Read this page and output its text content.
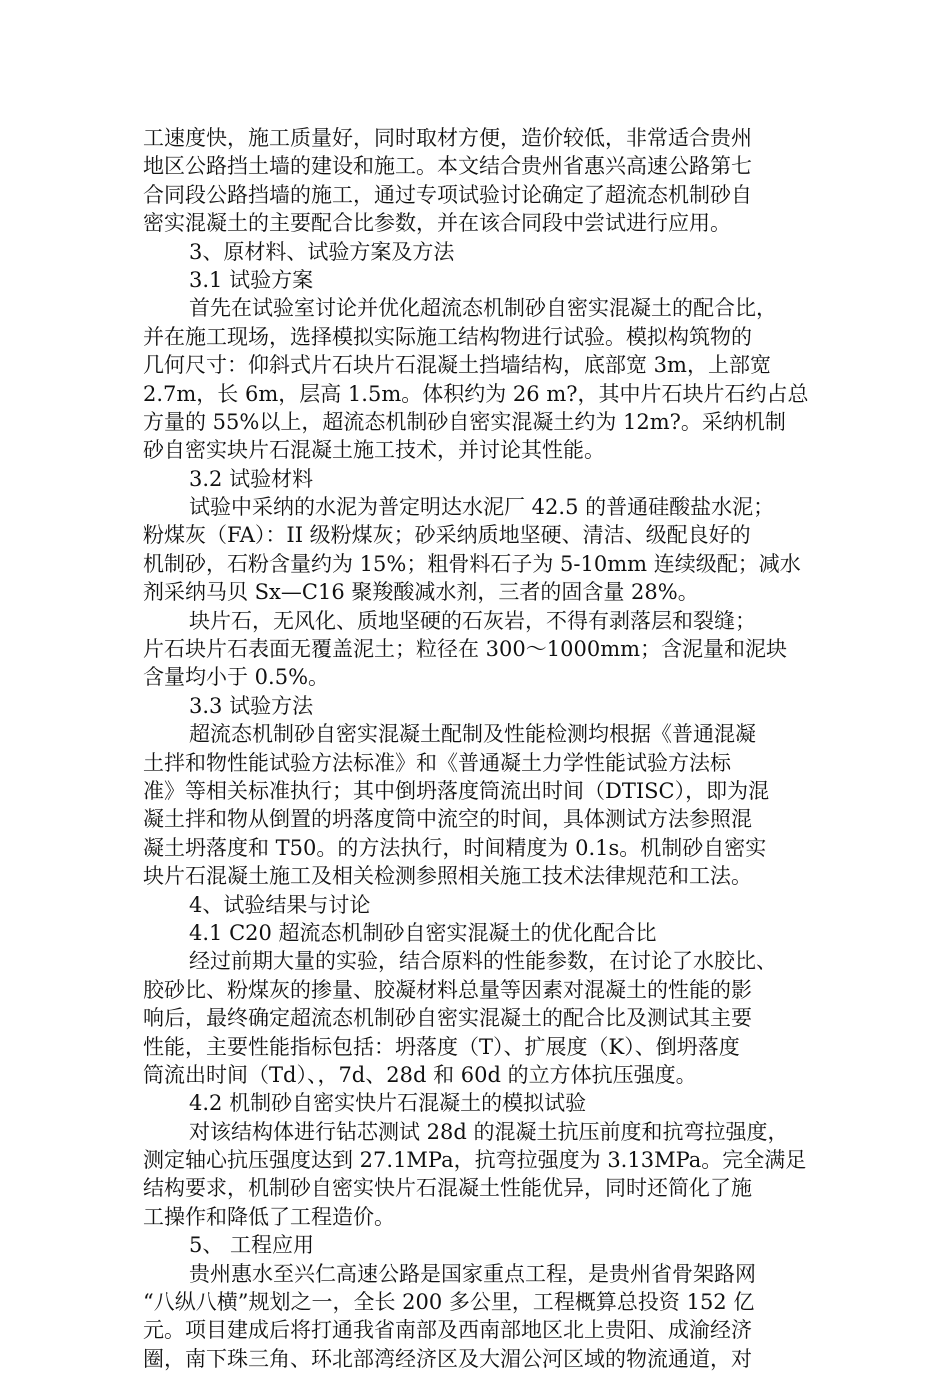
工速度快，施工质量好，同时取材方便，造价较低，非常适合贵州
地区公路挡土墙的建设和施工。本文结合贵州省惠兴高速公路第七
合同段公路挡墙的施工，通过专项试验讨论确定了超流态机制砂自
密实混凝土的主要配合比参数，并在该合同段中尝试进行应用。
3、原材料、试验方案及方法
3.1 试验方案
首先在试验室讨论并优化超流态机制砂自密实混凝土的配合比，
并在施工现场，选择模拟实际施工结构物进行试验。模拟构筑物的
几何尺寸：仰斜式片石块片石混凝土挡墙结构，底部宽 3m，上部宽
2.7m，长 6m，层高 1.5m。体积约为 26 m?，其中片石块片石约占总
方量的 55%以上，超流态机制砂自密实混凝土约为 12m?。采纳机制
砂自密实块片石混凝土施工技术，并讨论其性能。
3.2 试验材料
试验中采纳的水泥为普定明达水泥厂 42.5 的普通硅酸盐水泥；
粉煤灰（FA）：II 级粉煤灰；砂采纳质地坚硬、清洁、级配良好的
机制砂，石粉含量约为 15%；粗骨料石子为 5-10mm 连续级配；减水
剂采纳马贝 Sx—C16 聚羧酸减水剂，三者的固含量 28%。
块片石，无风化、质地坚硬的石灰岩，不得有剥落层和裂缝；
片石块片石表面无覆盖泥土；粒径在 300～1000mm；含泥量和泥块
含量均小于 0.5%。
3.3 试验方法
超流态机制砂自密实混凝土配制及性能检测均根据《普通混凝
土拌和物性能试验方法标准》和《普通凝土力学性能试验方法标
准》等相关标准执行；其中倒坍落度筒流出时间（DTISC），即为混
凝土拌和物从倒置的坍落度筒中流空的时间，具体测试方法参照混
凝土坍落度和 T50。的方法执行，时间精度为 0.1s。机制砂自密实
块片石混凝土施工及相关检测参照相关施工技术法律规范和工法。
4、试验结果与讨论
4.1 C20 超流态机制砂自密实混凝土的优化配合比
经过前期大量的实验，结合原料的性能参数，在讨论了水胶比、
胶砂比、粉煤灰的掺量、胶凝材料总量等因素对混凝土的性能的影
响后，最终确定超流态机制砂自密实混凝土的配合比及测试其主要
性能，主要性能指标包括：坍落度（T）、扩展度（K）、倒坍落度
筒流出时间（Td）、，7d、28d 和 60d 的立方体抗压强度。
4.2 机制砂自密实快片石混凝土的模拟试验
对该结构体进行钻芯测试 28d 的混凝土抗压前度和抗弯拉强度，
测定轴心抗压强度达到 27.1MPa，抗弯拉强度为 3.13MPa。完全满足
结构要求，机制砂自密实快片石混凝土性能优异，同时还简化了施
工操作和降低了工程造价。
5、 工程应用
贵州惠水至兴仁高速公路是国家重点工程，是贵州省骨架路网
“八纵八横”规划之一，全长 200 多公里，工程概算总投资 152 亿
元。项目建成后将打通我省南部及西南部地区北上贵阳、成渝经济
圈，南下珠三角、环北部湾经济区及大湄公河区域的物流通道，对
